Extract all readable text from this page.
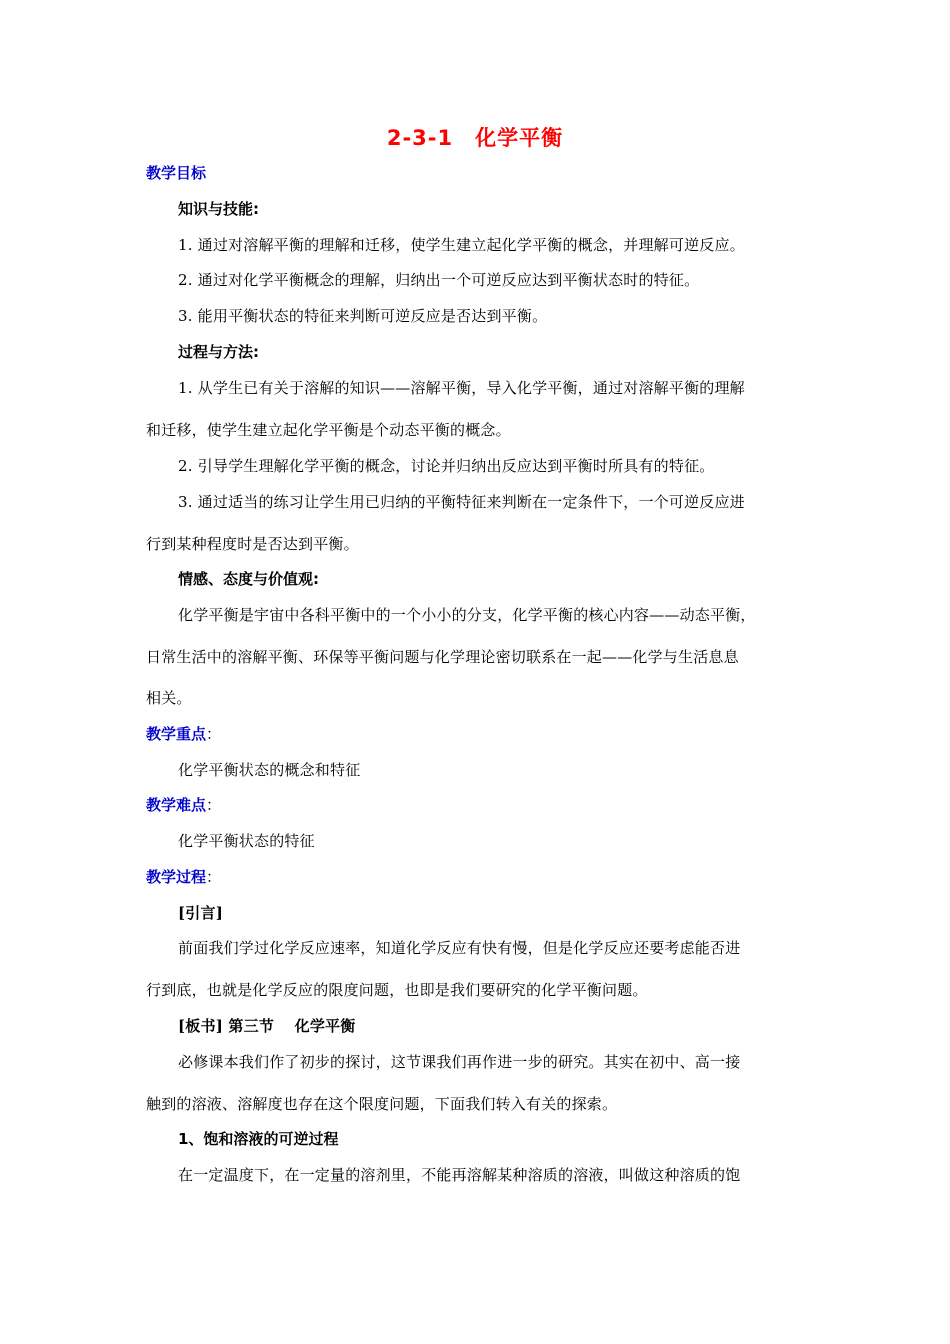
2-3-1　化学平衡
教学目标
知识与技能:
1. 通过对溶解平衡的理解和迁移，使学生建立起化学平衡的概念，并理解可逆反应。
2. 通过对化学平衡概念的理解，归纳出一个可逆反应达到平衡状态时的特征。
3. 能用平衡状态的特征来判断可逆反应是否达到平衡。
过程与方法:
1. 从学生已有关于溶解的知识——溶解平衡，导入化学平衡，通过对溶解平衡的理解
和迁移，使学生建立起化学平衡是个动态平衡的概念。
2. 引导学生理解化学平衡的概念，讨论并归纳出反应达到平衡时所具有的特征。
3. 通过适当的练习让学生用已归纳的平衡特征来判断在一定条件下，一个可逆反应进
行到某种程度时是否达到平衡。
情感、态度与价值观:
化学平衡是宇宙中各科平衡中的一个小小的分支，化学平衡的核心内容——动态平衡，
日常生活中的溶解平衡、环保等平衡问题与化学理论密切联系在一起——化学与生活息息
相关。
教学重点：
化学平衡状态的概念和特征
教学难点：
化学平衡状态的特征
教学过程：
[引言]
前面我们学过化学反应速率，知道化学反应有快有慢，但是化学反应还要考虑能否进
行到底，也就是化学反应的限度问题，也即是我们要研究的化学平衡问题。
[板书] 第三节　 化学平衡
必修课本我们作了初步的探讨，这节课我们再作进一步的研究。其实在初中、高一接
触到的溶液、溶解度也存在这个限度问题，下面我们转入有关的探索。
1、饱和溶液的可逆过程
在一定温度下，在一定量的溶剂里，不能再溶解某种溶质的溶液，叫做这种溶质的饱
